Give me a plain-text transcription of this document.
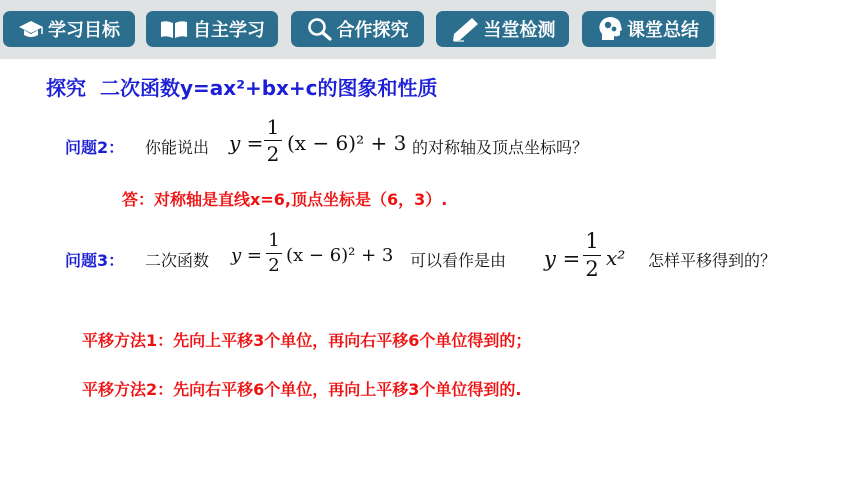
学习目标	自主学习	合作探究	当堂检测	课堂总结
探究 二次函数y=ax²+bx+c的图象和性质
问题2： 你能说出 y =
1
2 (x − 6)² + 3 的对称轴及顶点坐标吗？
答：对称轴是直线x=6,顶点坐标是（6，3）.
问题3： 二次函数 y =
1
2 (x − 6)² + 3 可以看作是由 y =
1
2 x² 怎样平移得到的？
平移方法1：先向上平移3个单位，再向右平移6个单位得到的；
平移方法2：先向右平移6个单位，再向上平移3个单位得到的.
